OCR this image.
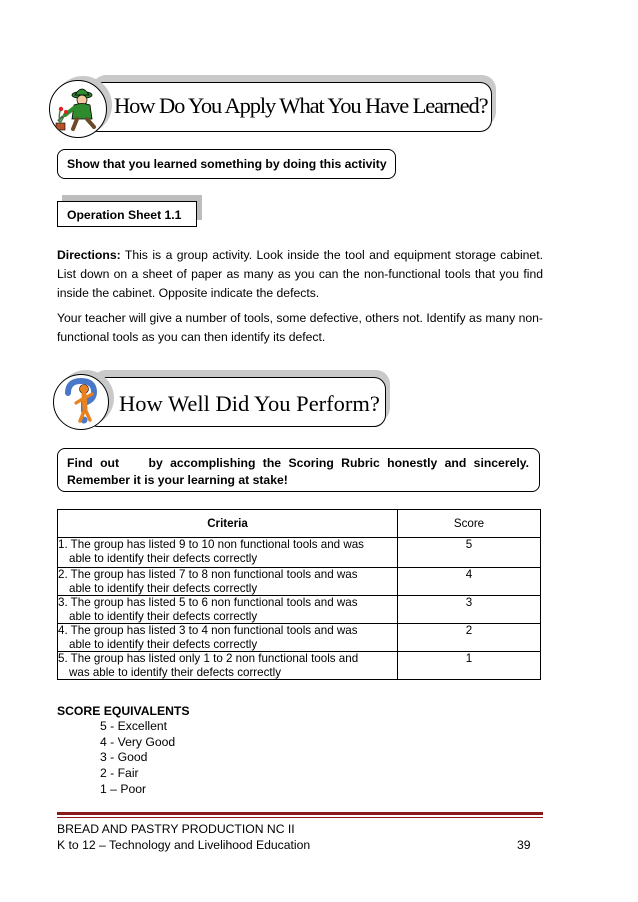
How Do You Apply What You Have Learned?
Show that you learned something by doing this activity
Operation Sheet 1.1

Directions: This is a group activity. Look inside the tool and equipment storage cabinet. List down on a sheet of paper as many as you can the non-functional tools that you find inside the cabinet. Opposite indicate the defects.

Your teacher will give a number of tools, some defective, others not. Identify as many non-functional tools as you can then identify its defect.

How Well Did You Perform?
Find out    by accomplishing the Scoring Rubric honestly and sincerely.
Remember it is your learning at stake!
Criteria	Score
1. The group has listed 9 to 10 non functional tools and was
able to identify their defects correctly	5
2. The group has listed 7 to 8 non functional tools and was
able to identify their defects correctly	4
3. The group has listed 5 to 6 non functional tools and was
able to identify their defects correctly	3
4. The group has listed 3 to 4 non functional tools and was
able to identify their defects correctly	2
5. The group has listed only 1 to 2 non functional tools and
was able to identify their defects correctly	1
SCORE EQUIVALENTS
5 - Excellent
4 - Very Good
3 - Good
2 - Fair
1 – Poor
BREAD AND PASTRY PRODUCTION NC II
K to 12 – Technology and Livelihood Education	39
